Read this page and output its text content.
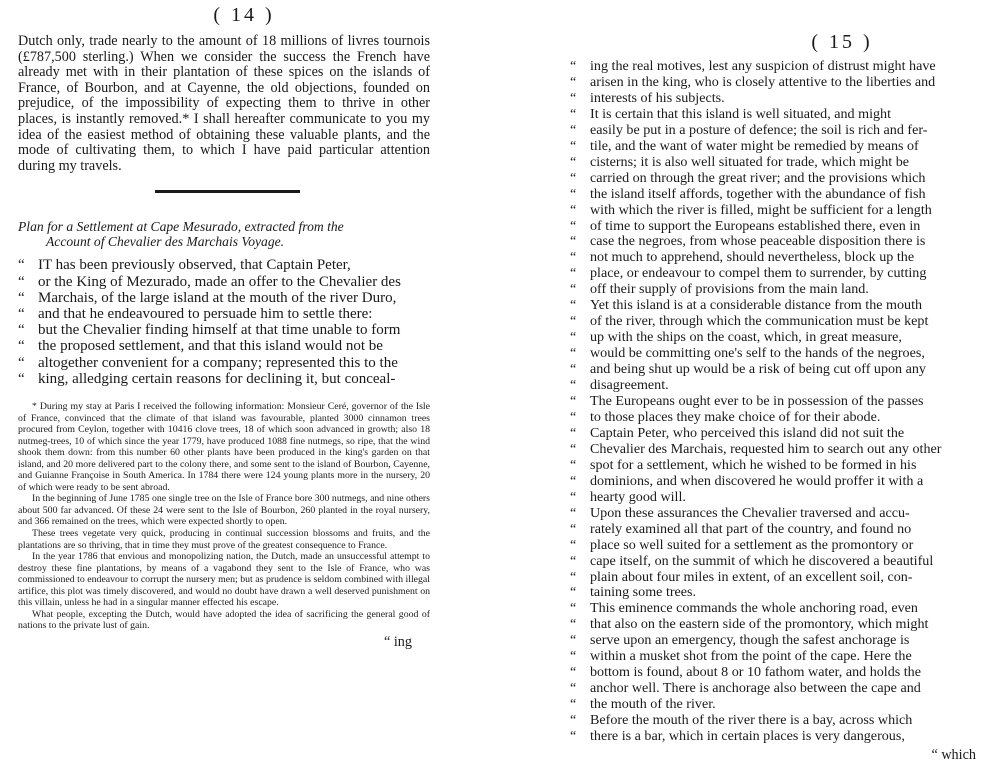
( 14 )

Dutch only, trade nearly to the amount of 18 millions of livres tournois (£787,500 sterling.) When we consider the success the French have already met with in their plantation of these spices on the islands of France, of Bourbon, and at Cayenne, the old objections, founded on prejudice, of the impossibility of expecting them to thrive in other places, is instantly removed.* I shall hereafter communicate to you my idea of the easiest method of obtaining these valuable plants, and the mode of cultivating them, to which I have paid particular attention during my travels.

Plan for a Settlement at Cape Mesurado, extracted from the
Account of Chevalier des Marchais Voyage.
“ IT has been previously observed, that Captain Peter,
“ or the King of Mezurado, made an offer to the Chevalier des
“ Marchais, of the large island at the mouth of the river Duro,
“ and that he endeavoured to persuade him to settle there:
“ but the Chevalier finding himself at that time unable to form
“ the proposed settlement, and that this island would not be
“ altogether convenient for a company; represented this to the
“ king, alledging certain reasons for declining it, but conceal-

* During my stay at Paris I received the following information: Monsieur Ceré, governor of the Isle of France, convinced that the climate of that island was favourable, planted 3000 cinnamon trees procured from Ceylon, together with 10416 clove trees, 18 of which soon advanced in growth; also 18 nutmeg-trees, 10 of which since the year 1779, have produced 1088 fine nutmegs, so ripe, that the wind shook them down: from this number 60 other plants have been produced in the king's garden on that island, and 20 more delivered part to the colony there, and some sent to the island of Bourbon, Cayenne, and Guianne Françoise in South America. In 1784 there were 124 young plants more in the nursery, 20 of which were ready to be sent abroad.

In the beginning of June 1785 one single tree on the Isle of France bore 300 nutmegs, and nine others about 500 far advanced. Of these 24 were sent to the Isle of Bourbon, 260 planted in the royal nursery, and 366 remained on the trees, which were expected shortly to open.

These trees vegetate very quick, producing in continual succession blossoms and fruits, and the plantations are so thriving, that in time they must prove of the greatest consequence to France.

In the year 1786 that envious and monopolizing nation, the Dutch, made an unsuccessful attempt to destroy these fine plantations, by means of a vagabond they sent to the Isle of France, who was commissioned to endeavour to corrupt the nursery men; but as prudence is seldom combined with illegal artifice, this plot was timely discovered, and would no doubt have drawn a well deserved punishment on this villain, unless he had in a singular manner effected his escape.

What people, excepting the Dutch, would have adopted the idea of sacrificing the general good of nations to the private lust of gain.

“ ing
( 15 )
“ ing the real motives, lest any suspicion of distrust might have
“ arisen in the king, who is closely attentive to the liberties and
“ interests of his subjects.
“ It is certain that this island is well situated, and might
“ easily be put in a posture of defence; the soil is rich and fer-
“ tile, and the want of water might be remedied by means of
“ cisterns; it is also well situated for trade, which might be
“ carried on through the great river; and the provisions which
“ the island itself affords, together with the abundance of fish
“ with which the river is filled, might be sufficient for a length
“ of time to support the Europeans established there, even in
“ case the negroes, from whose peaceable disposition there is
“ not much to apprehend, should nevertheless, block up the
“ place, or endeavour to compel them to surrender, by cutting
“ off their supply of provisions from the main land.
“ Yet this island is at a considerable distance from the mouth
“ of the river, through which the communication must be kept
“ up with the ships on the coast, which, in great measure,
“ would be committing one's self to the hands of the negroes,
“ and being shut up would be a risk of being cut off upon any
“ disagreement.
“ The Europeans ought ever to be in possession of the passes
“ to those places they make choice of for their abode.
“ Captain Peter, who perceived this island did not suit the
“ Chevalier des Marchais, requested him to search out any other
“ spot for a settlement, which he wished to be formed in his
“ dominions, and when discovered he would proffer it with a
“ hearty good will.
“ Upon these assurances the Chevalier traversed and accu-
“ rately examined all that part of the country, and found no
“ place so well suited for a settlement as the promontory or
“ cape itself, on the summit of which he discovered a beautiful
“ plain about four miles in extent, of an excellent soil, con-
“ taining some trees.
“ This eminence commands the whole anchoring road, even
“ that also on the eastern side of the promontory, which might
“ serve upon an emergency, though the safest anchorage is
“ within a musket shot from the point of the cape. Here the
“ bottom is found, about 8 or 10 fathom water, and holds the
“ anchor well. There is anchorage also between the cape and
“ the mouth of the river.
“ Before the mouth of the river there is a bay, across which
“ there is a bar, which in certain places is very dangerous,
“ which
